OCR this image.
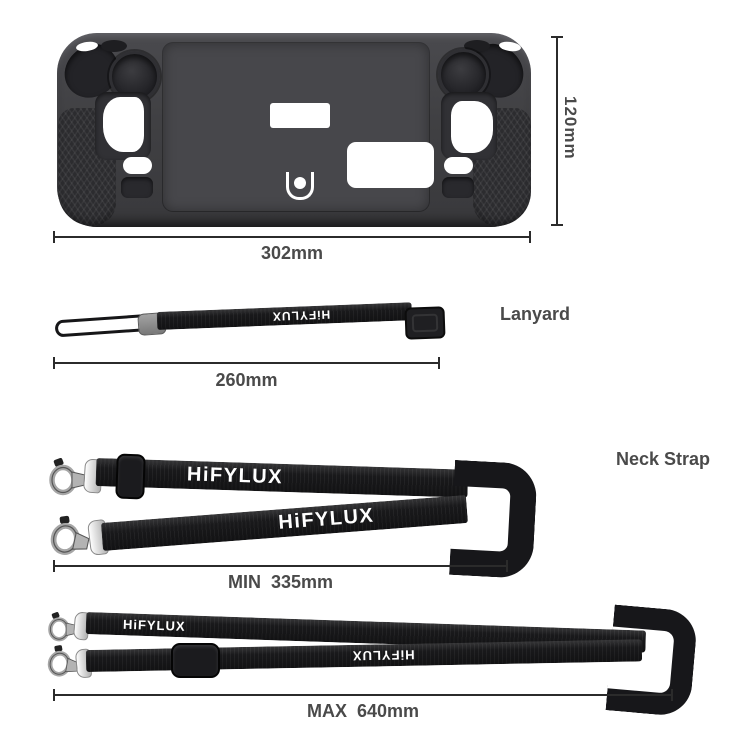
120mm
302mm
HiFYLUX	Lanyard
260mm
HiFYLUX
HiFYLUX
Neck Strap
MIN  335mm
HiFYLUX
HiFYLUX
MAX  640mm
